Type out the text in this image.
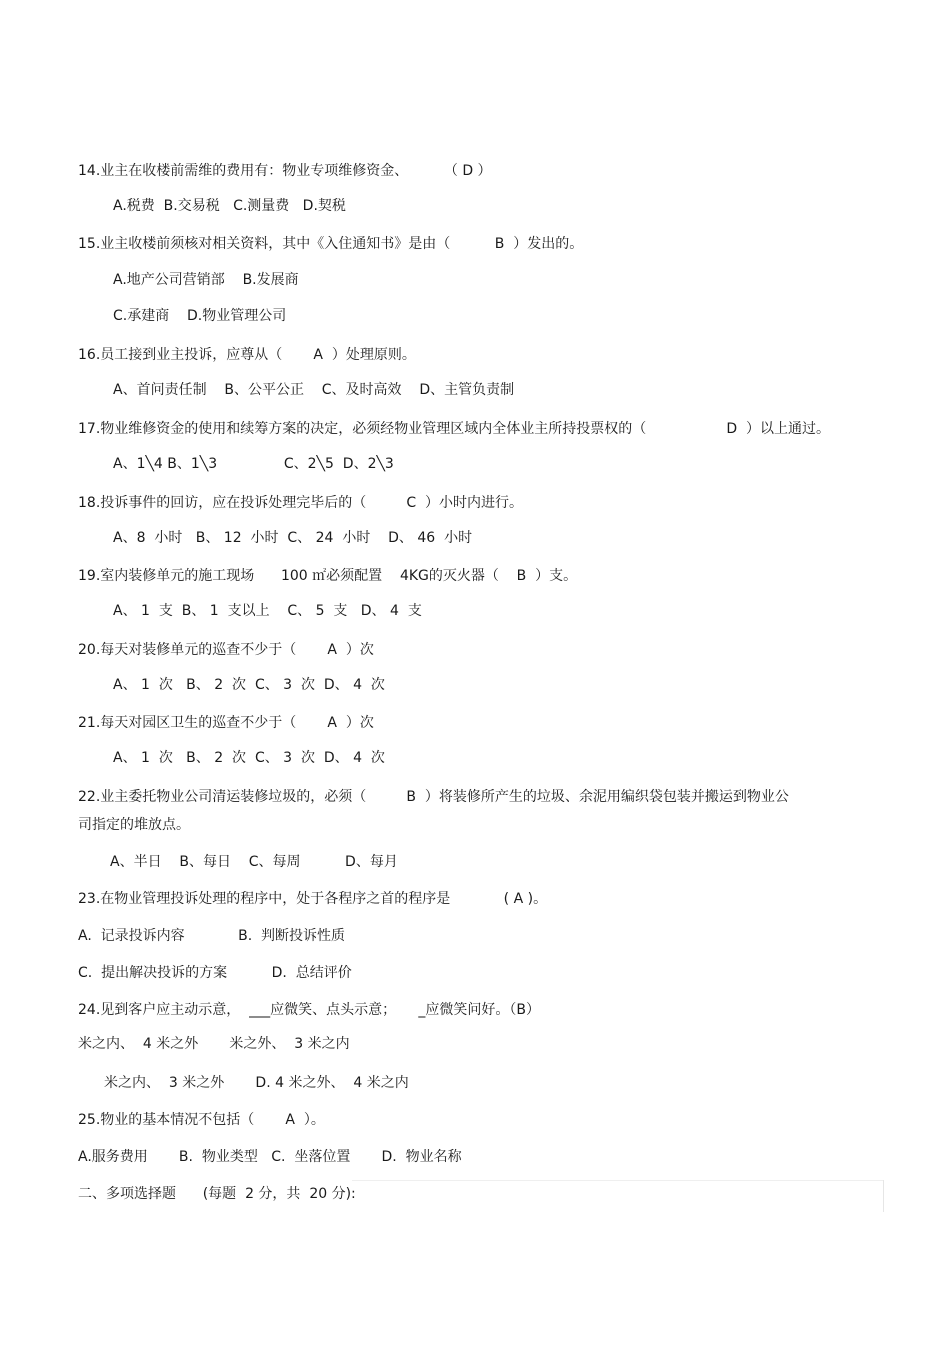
14.业主在收楼前需维的费用有：物业专项维修资金、        （ D ）
A.税费  B.交易税   C.测量费   D.契税
15.业主收楼前须核对相关资料，其中《入住通知书》是由（          B  ）发出的。
A.地产公司营销部    B.发展商
C.承建商    D.物业管理公司
16.员工接到业主投诉，应尊从（       A  ）处理原则。
A、首问责任制    B、公平公正    C、及时高效    D、主管负责制
17.物业维修资金的使用和续筹方案的决定，必须经物业管理区域内全体业主所持投票权的（                  D  ）以上通过。
A、1╲4 B、1╲3               C、2╲5  D、2╲3
18.投诉事件的回访，应在投诉处理完毕后的（         C  ）小时内进行。
A、8  小时   B、 12  小时  C、 24  小时    D、 46  小时
19.室内装修单元的施工现场      100 ㎡必须配置    4KG的灭火器（    B  ）支。
A、 1  支  B、 1  支以上    C、 5  支   D、 4  支
20.每天对装修单元的巡查不少于（       A  ）次
A、 1  次   B、 2  次  C、 3  次  D、 4  次
21.每天对园区卫生的巡查不少于（       A  ）次
A、 1  次   B、 2  次  C、 3  次  D、 4  次
22.业主委托物业公司清运装修垃圾的，必须（         B  ）将装修所产生的垃圾、余泥用编织袋包装并搬运到物业公
司指定的堆放点。
A、半日    B、每日    C、每周          D、每月
23.在物业管理投诉处理的程序中，处于各程序之首的程序是            ( A )。
A.  记录投诉内容            B.  判断投诉性质
C.  提出解决投诉的方案          D.  总结评价
24.见到客户应主动示意，  ___应微笑、点头示意；     _应微笑问好。（B）
米之内、  4 米之外       米之外、  3 米之内
米之内、  3 米之外       D. 4 米之外、  4 米之内
25.物业的基本情况不包括（       A  ）。
A.服务费用       B.  物业类型   C.  坐落位置       D.  物业名称
二、多项选择题      (每题  2 分，共  20 分):
